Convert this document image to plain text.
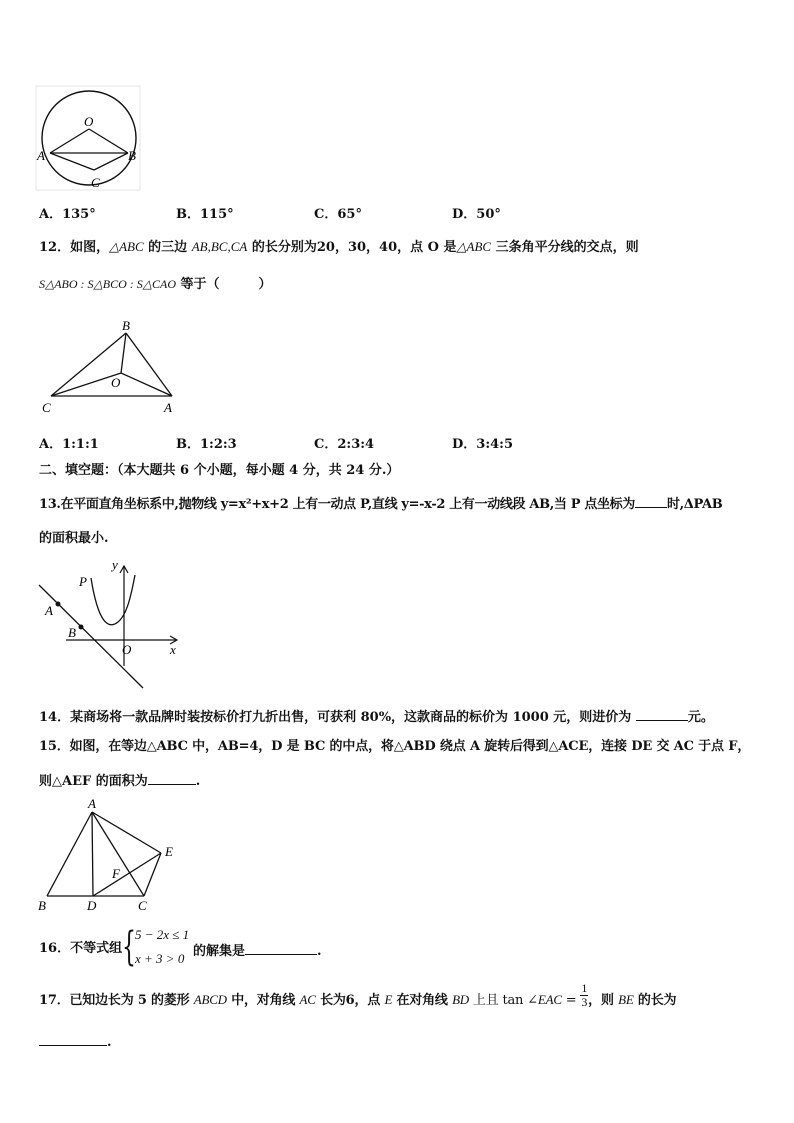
O
A	B
C
A．135°	B．115°	C．65°	D．50°
12．如图，△ABC 的三边 AB,BC,CA 的长分别为20，30，40，点 O 是△ABC 三条角平分线的交点，则
S△ABO : S△BCO : S△CAO 等于（　　　）
B
O
C	A
A．1:1:1	B．1:2:3	C．2:3:4	D．3:4:5
二、填空题：（本大题共 6 个小题，每小题 4 分，共 24 分.）
13.在平面直角坐标系中,抛物线 y=x²+x+2 上有一动点 P,直线 y=-x-2 上有一动线段 AB,当 P 点坐标为 时,ΔPAB
的面积最小.
y
P
A
B
O	x
14．某商场将一款品牌时装按标价打九折出售，可获利 80%，这款商品的标价为 1000 元，则进价为	元。
15．如图，在等边△ABC 中，AB=4，D 是 BC 的中点，将△ABD 绕点 A 旋转后得到△ACE，连接 DE 交 AC 于点 F，
则△AEF 的面积为	.
A
E
F
B	D	C
16．不等式组 { 5 − 2x ≤ 1
x + 3 > 0 的解集是	.
17．已知边长为 5 的菱形 ABCD 中，对角线 AC 长为6，点 E 在对角线 BD 上且 tan ∠EAC = $\frac{1}{3}$ ，则 BE 的长为
.
